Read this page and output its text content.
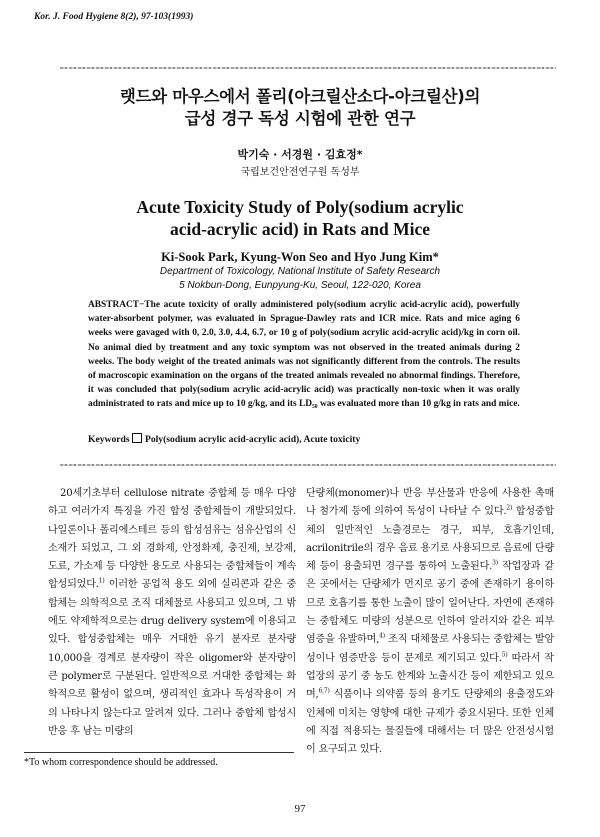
Kor. J. Food Hygiene 8(2), 97-103(1993)
랫드와 마우스에서 폴리(아크릴산소다-아크릴산)의
급성 경구 독성 시험에 관한 연구
박기숙 · 서경원 · 김효정*
국립보건안전연구원 독성부
Acute Toxicity Study of Poly(sodium acrylic
acid-acrylic acid) in Rats and Mice
Ki-Sook Park, Kyung-Won Seo and Hyo Jung Kim*
Department of Toxicology, National Institute of Safety Research
5 Nokbun-Dong, Eunpyung-Ku, Seoul, 122-020, Korea
ABSTRACT−The acute toxicity of orally administered poly(sodium acrylic acid-acrylic acid), powerfully water-absorbent polymer, was evaluated in Sprague-Dawley rats and ICR mice. Rats and mice aging 6 weeks were gavaged with 0, 2.0, 3.0, 4.4, 6.7, or 10 g of poly(sodium acrylic acid-acrylic acid)/kg in corn oil. No animal died by treatment and any toxic symptom was not observed in the treated animals during 2 weeks. The body weight of the treated animals was not significantly different from the controls. The results of macroscopic examination on the organs of the treated animals revealed no abnormal findings. Therefore, it was concluded that poly(sodium acrylic acid-acrylic acid) was practically non-toxic when it was orally administrated to rats and mice up to 10 g/kg, and its LD₅₀ was evaluated more than 10 g/kg in rats and mice.
Keywords Poly(sodium acrylic acid-acrylic acid), Acute toxicity

20세기초부터 cellulose nitrate 중합체 등 매우 다양하고 여러가지 특징을 가진 합성 중합체들이 개발되었다. 나일론이나 폴리에스테르 등의 합성섬유는 섬유산업의 신소재가 되었고, 그 외 경화제, 안정화제, 충진제, 보강제, 도료, 가소제 등 다양한 용도로 사용되는 중합체들이 계속 합성되었다.$^{1)}$ 이러한 공업적 용도 외에 실리콘과 같은 중합체는 의학적으로 조직 대체물로 사용되고 있으며, 그 밖에도 약제학적으로는 drug delivery system에 이용되고 있다. 합성중합체는 매우 거대한 유기 분자로 분자량 10,000을 경계로 분자량이 작은 oligomer와 분자량이 큰 polymer로 구분된다. 일반적으로 거대한 중합체는 화학적으로 활성이 없으며, 생리적인 효과나 독성작용이 거의 나타나지 않는다고 알려져 있다. 그러나 중합체 합성시 반응 후 남는 미량의

단량체(monomer)나 반응 부산물과 반응에 사용한 촉매나 첨가제 등에 의하여 독성이 나타날 수 있다.$^{2)}$ 합성중합체의 일반적인 노출경로는 경구, 피부, 호흡기인데, acrilonitrile의 경우 음료 용기로 사용되므로 음료에 단량체 등이 용출되면 경구를 통하여 노출된다.$^{3)}$ 작업장과 같은 곳에서는 단량체가 먼지로 공기 중에 존재하기 용이하므로 호흡기를 통한 노출이 많이 일어난다. 자연에 존재하는 중합체도 미량의 성분으로 인하여 알러지와 같은 피부염증을 유발하며,$^{4)}$ 조직 대체물로 사용되는 중합체는 발암성이나 염증반응 등이 문제로 제기되고 있다.$^{5)}$ 따라서 작업장의 공기 중 농도 한계와 노출시간 등이 제한되고 있으며,$^{6,7)}$ 식품이나 의약품 등의 용기도 단량체의 용출정도와 인체에 미치는 영향에 대한 규제가 중요시된다. 또한 인체에 직접 적용되는 물질들에 대해서는 더 많은 안전성시험이 요구되고 있다.

*To whom correspondence should be addressed.
97
